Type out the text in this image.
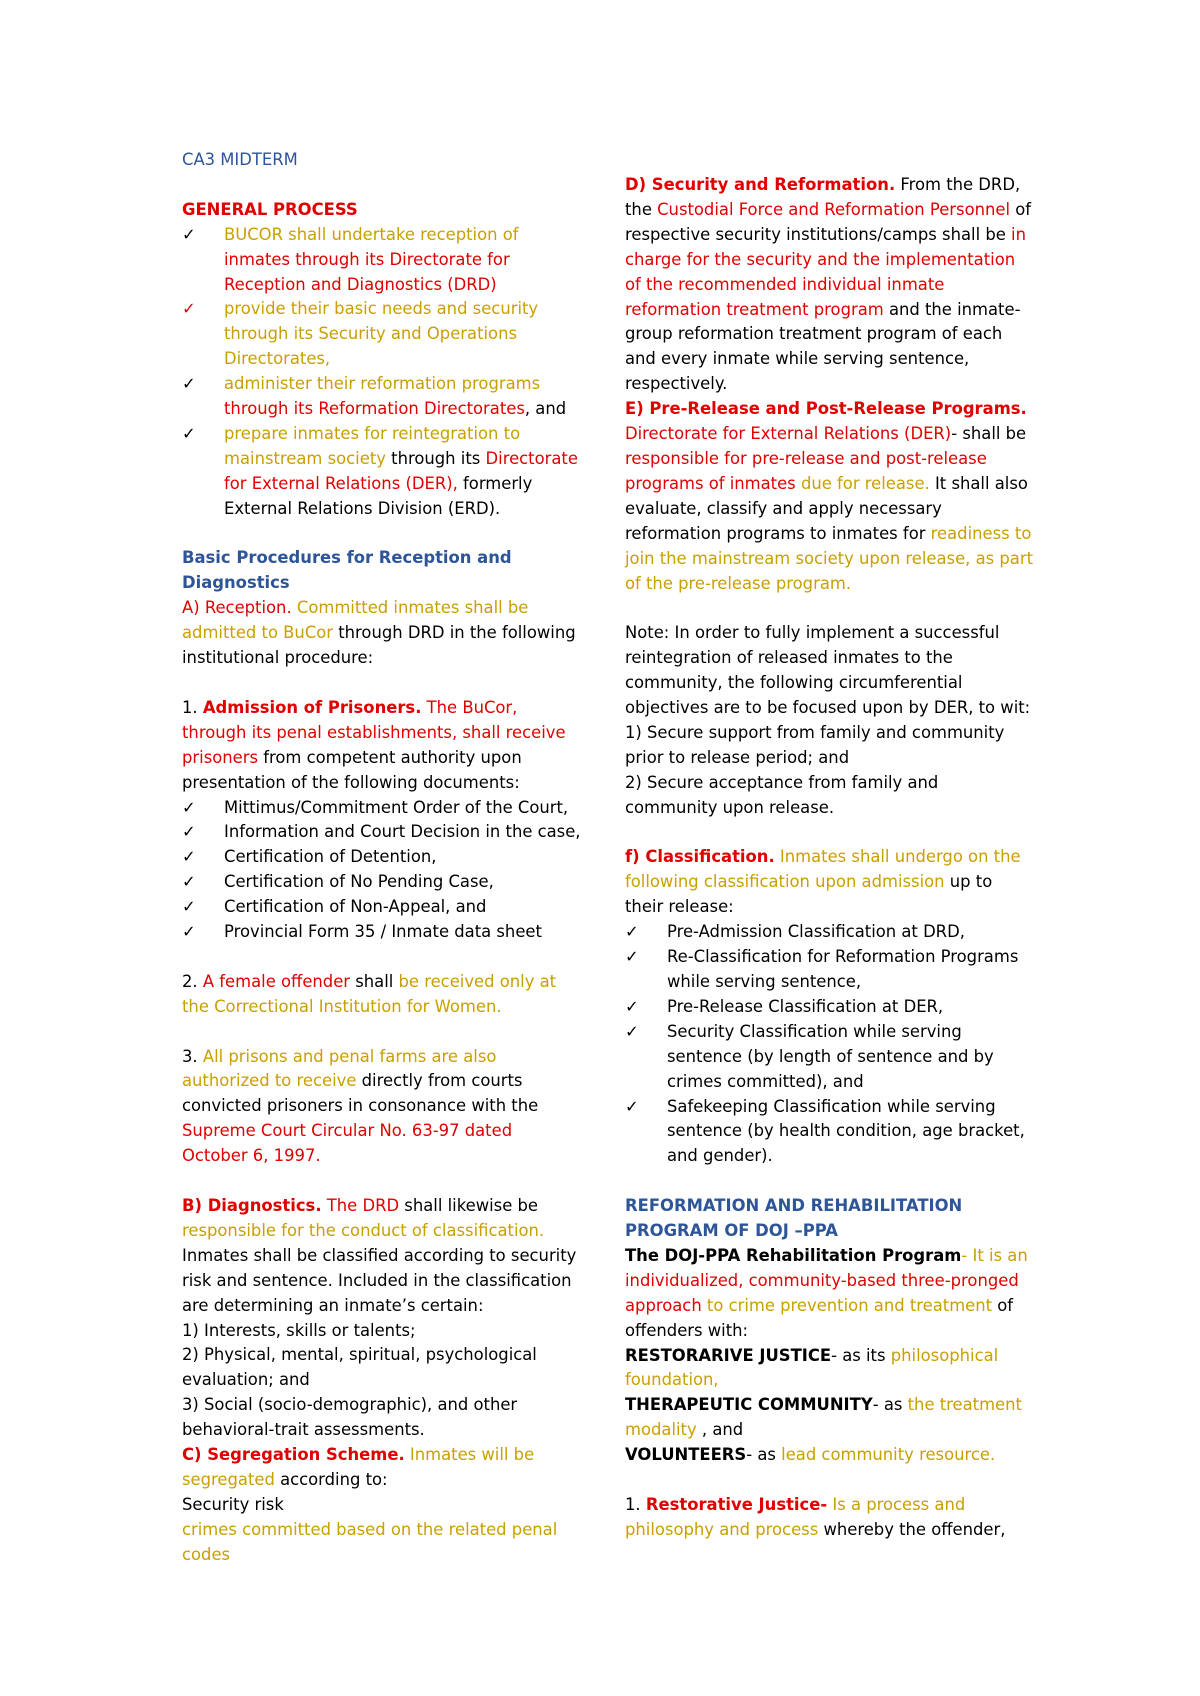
CA3 MIDTERM

GENERAL PROCESS

✓	BUCOR shall undertake reception of inmates through its Directorate for Reception and Diagnostics (DRD)
✓	provide their basic needs and security through its Security and Operations Directorates,
✓	administer their reformation programs through its Reformation Directorates, and
✓	prepare inmates for reintegration to mainstream society through its Directorate for External Relations (DER), formerly External Relations Division (ERD).

Basic Procedures for Reception and Diagnostics

A) Reception. Committed inmates shall be admitted to BuCor through DRD in the following institutional procedure:

1. Admission of Prisoners. The BuCor, through its penal establishments, shall receive prisoners from competent authority upon presentation of the following documents:

✓	Mittimus/Commitment Order of the Court,
✓	Information and Court Decision in the case,
✓	Certification of Detention,
✓	Certification of No Pending Case,
✓	Certification of Non-Appeal, and
✓	Provincial Form 35 / Inmate data sheet

2. A female offender shall be received only at the Correctional Institution for Women.

3. All prisons and penal farms are also authorized to receive directly from courts convicted prisoners in consonance with the Supreme Court Circular No. 63-97 dated October 6, 1997.

B) Diagnostics. The DRD shall likewise be responsible for the conduct of classification. Inmates shall be classified according to security risk and sentence. Included in the classification are determining an inmate’s certain:

1) Interests, skills or talents;

2) Physical, mental, spiritual, psychological evaluation; and

3) Social (socio-demographic), and other behavioral-trait assessments.

C) Segregation Scheme. Inmates will be segregated according to:

Security risk

crimes committed based on the related penal codes

D) Security and Reformation. From the DRD, the Custodial Force and Reformation Personnel of respective security institutions/camps shall be in charge for the security and the implementation of the recommended individual inmate reformation treatment program and the inmate-group reformation treatment program of each and every inmate while serving sentence, respectively.

E) Pre-Release and Post-Release Programs. Directorate for External Relations (DER)- shall be responsible for pre-release and post-release programs of inmates due for release. It shall also evaluate, classify and apply necessary reformation programs to inmates for readiness to join the mainstream society upon release, as part of the pre-release program.

Note: In order to fully implement a successful reintegration of released inmates to the community, the following circumferential objectives are to be focused upon by DER, to wit:

1) Secure support from family and community prior to release period; and

2) Secure acceptance from family and community upon release.

f) Classification. Inmates shall undergo on the following classification upon admission up to their release:

✓	Pre-Admission Classification at DRD,
✓	Re-Classification for Reformation Programs while serving sentence,
✓	Pre-Release Classification at DER,
✓	Security Classification while serving sentence (by length of sentence and by crimes committed), and
✓	Safekeeping Classification while serving sentence (by health condition, age bracket, and gender).

REFORMATION AND REHABILITATION PROGRAM OF DOJ –PPA

The DOJ-PPA Rehabilitation Program- It is an individualized, community-based three-pronged approach to crime prevention and treatment of offenders with:

RESTORARIVE JUSTICE- as its philosophical foundation,

THERAPEUTIC COMMUNITY- as the treatment modality , and

VOLUNTEERS- as lead community resource.

1. Restorative Justice- Is a process and philosophy and process whereby the offender,
